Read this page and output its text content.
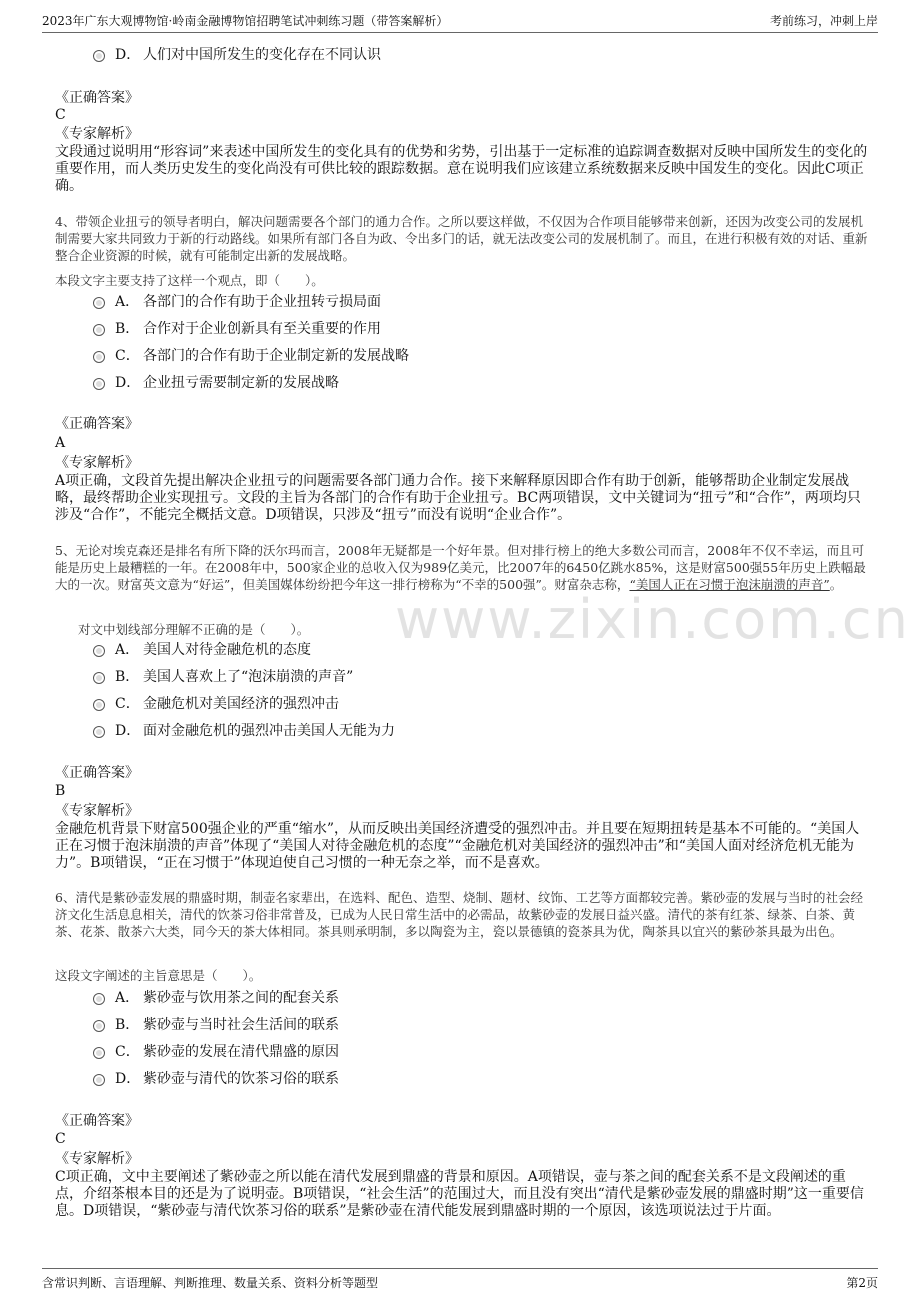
2023年广东大观博物馆·岭南金融博物馆招聘笔试冲刺练习题（带答案解析）	考前练习，冲刺上岸
www.zixin.com.cn
D． 人们对中国所发生的变化存在不同认识
《正确答案》
C
《专家解析》

文段通过说明用“形容词”来表述中国所发生的变化具有的优势和劣势，引出基于一定标准的追踪调查数据对反映中国所发生的变化的重要作用，而人类历史发生的变化尚没有可供比较的跟踪数据。意在说明我们应该建立系统数据来反映中国发生的变化。因此C项正确。

4、带领企业扭亏的领导者明白，解决问题需要各个部门的通力合作。之所以要这样做，不仅因为合作项目能够带来创新，还因为改变公司的发展机制需要大家共同致力于新的行动路线。如果所有部门各自为政、令出多门的话，就无法改变公司的发展机制了。而且，在进行积极有效的对话、重新整合企业资源的时候，就有可能制定出新的发展战略。

本段文字主要支持了这样一个观点，即（　　）。

A． 各部门的合作有助于企业扭转亏损局面
B． 合作对于企业创新具有至关重要的作用
C． 各部门的合作有助于企业制定新的发展战略
D． 企业扭亏需要制定新的发展战略
《正确答案》
A
《专家解析》

A项正确，文段首先提出解决企业扭亏的问题需要各部门通力合作。接下来解释原因即合作有助于创新，能够帮助企业制定发展战略，最终帮助企业实现扭亏。文段的主旨为各部门的合作有助于企业扭亏。BC两项错误，文中关键词为“扭亏”和“合作”，两项均只涉及“合作”，不能完全概括文意。D项错误，只涉及“扭亏”而没有说明“企业合作”。

5、无论对埃克森还是排名有所下降的沃尔玛而言，2008年无疑都是一个好年景。但对排行榜上的绝大多数公司而言，2008年不仅不幸运，而且可能是历史上最糟糕的一年。在2008年中，500家企业的总收入仅为989亿美元，比2007年的6450亿跳水85%，这是财富500强55年历史上跌幅最大的一次。财富英文意为“好运”，但美国媒体纷纷把今年这一排行榜称为“不幸的500强”。财富杂志称，“美国人正在习惯于泡沫崩溃的声音”。

对文中划线部分理解不正确的是（　　）。

A． 美国人对待金融危机的态度
B． 美国人喜欢上了“泡沫崩溃的声音”
C． 金融危机对美国经济的强烈冲击
D． 面对金融危机的强烈冲击美国人无能为力
《正确答案》
B
《专家解析》

金融危机背景下财富500强企业的严重“缩水”，从而反映出美国经济遭受的强烈冲击。并且要在短期扭转是基本不可能的。“美国人正在习惯于泡沫崩溃的声音”体现了“美国人对待金融危机的态度”“金融危机对美国经济的强烈冲击”和“美国人面对经济危机无能为力”。B项错误，“正在习惯于”体现迫使自己习惯的一种无奈之举，而不是喜欢。

6、清代是紫砂壶发展的鼎盛时期，制壶名家辈出，在选料、配色、造型、烧制、题材、纹饰、工艺等方面都较完善。紫砂壶的发展与当时的社会经济文化生活息息相关，清代的饮茶习俗非常普及，已成为人民日常生活中的必需品，故紫砂壶的发展日益兴盛。清代的茶有红茶、绿茶、白茶、黄茶、花茶、散茶六大类，同今天的茶大体相同。茶具则承明制，多以陶瓷为主，瓷以景德镇的瓷茶具为优，陶茶具以宜兴的紫砂茶具最为出色。

这段文字阐述的主旨意思是（　　）。

A． 紫砂壶与饮用茶之间的配套关系
B． 紫砂壶与当时社会生活间的联系
C． 紫砂壶的发展在清代鼎盛的原因
D． 紫砂壶与清代的饮茶习俗的联系
《正确答案》
C
《专家解析》

C项正确，文中主要阐述了紫砂壶之所以能在清代发展到鼎盛的背景和原因。A项错误，壶与茶之间的配套关系不是文段阐述的重点，介绍茶根本目的还是为了说明壶。B项错误，“社会生活”的范围过大，而且没有突出“清代是紫砂壶发展的鼎盛时期”这一重要信息。D项错误，“紫砂壶与清代饮茶习俗的联系”是紫砂壶在清代能发展到鼎盛时期的一个原因，该选项说法过于片面。

含常识判断、言语理解、判断推理、数量关系、资料分析等题型	第2页
